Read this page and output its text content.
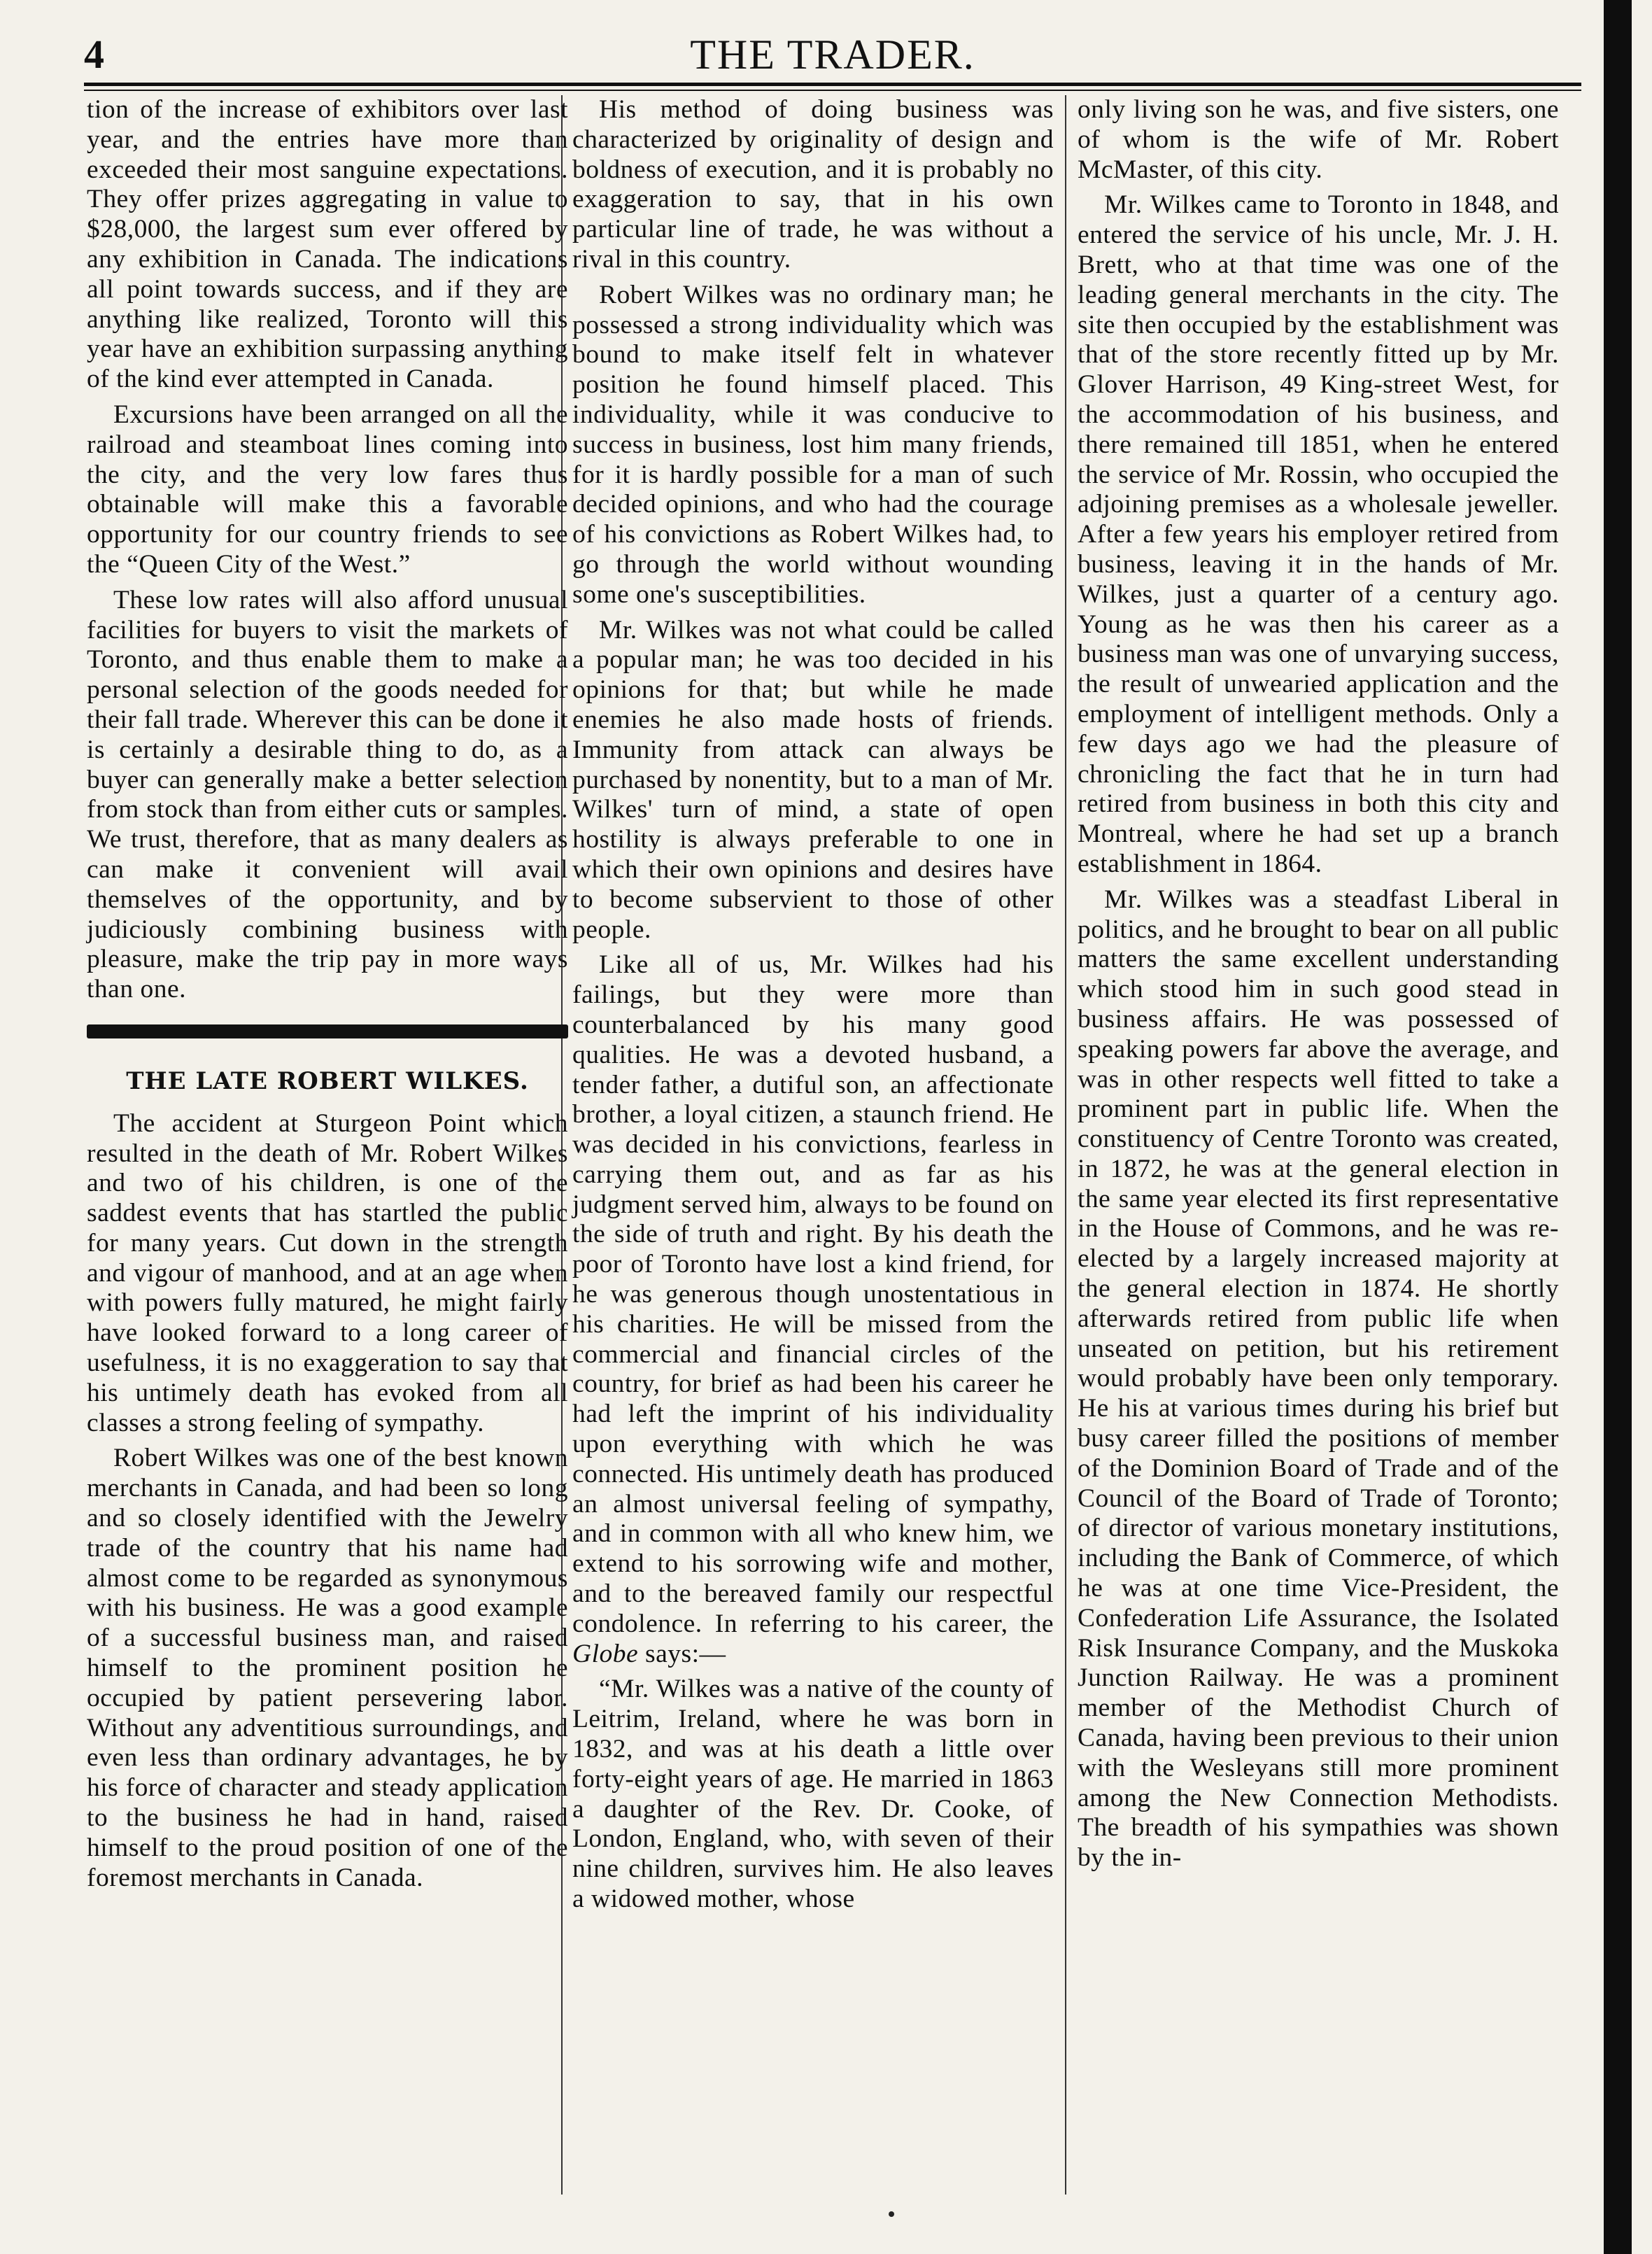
4	THE TRADER.

tion of the increase of exhibitors over last year, and the entries have more than exceeded their most sanguine expectations. They offer prizes aggregating in value to $28,000, the largest sum ever offered by any exhibition in Canada. The indications all point towards success, and if they are anything like realized, Toronto will this year have an exhibition surpassing anything of the kind ever attempted in Canada.

Excursions have been arranged on all the railroad and steamboat lines coming into the city, and the very low fares thus obtainable will make this a favorable opportunity for our country friends to see the “Queen City of the West.”

These low rates will also afford unusual facilities for buyers to visit the markets of Toronto, and thus enable them to make a personal selection of the goods needed for their fall trade. Wherever this can be done it is certainly a desirable thing to do, as a buyer can generally make a better selection from stock than from either cuts or samples. We trust, therefore, that as many dealers as can make it convenient will avail themselves of the opportunity, and by judiciously combining business with pleasure, make the trip pay in more ways than one.

THE LATE ROBERT WILKES.

The accident at Sturgeon Point which resulted in the death of Mr. Robert Wilkes and two of his children, is one of the saddest events that has startled the public for many years. Cut down in the strength and vigour of manhood, and at an age when with powers fully matured, he might fairly have looked forward to a long career of usefulness, it is no exaggeration to say that his untimely death has evoked from all classes a strong feeling of sympathy.

Robert Wilkes was one of the best known merchants in Canada, and had been so long and so closely identified with the Jewelry trade of the country that his name had almost come to be regarded as synonymous with his business. He was a good example of a successful business man, and raised himself to the prominent position he occupied by patient persevering labor. Without any adventitious surroundings, and even less than ordinary advantages, he by his force of character and steady application to the business he had in hand, raised himself to the proud position of one of the foremost merchants in Canada.

His method of doing business was characterized by originality of design and boldness of execution, and it is probably no exaggeration to say, that in his own particular line of trade, he was without a rival in this country.

Robert Wilkes was no ordinary man; he possessed a strong individuality which was bound to make itself felt in whatever position he found himself placed. This individuality, while it was conducive to success in business, lost him many friends, for it is hardly possible for a man of such decided opinions, and who had the courage of his convictions as Robert Wilkes had, to go through the world without wounding some one's susceptibilities.

Mr. Wilkes was not what could be called a popular man; he was too decided in his opinions for that; but while he made enemies he also made hosts of friends. Immunity from attack can always be purchased by nonentity, but to a man of Mr. Wilkes' turn of mind, a state of open hostility is always preferable to one in which their own opinions and desires have to become subservient to those of other people.

Like all of us, Mr. Wilkes had his failings, but they were more than counterbalanced by his many good qualities. He was a devoted husband, a tender father, a dutiful son, an affectionate brother, a loyal citizen, a staunch friend. He was decided in his convictions, fearless in carrying them out, and as far as his judgment served him, always to be found on the side of truth and right. By his death the poor of Toronto have lost a kind friend, for he was generous though unostentatious in his charities. He will be missed from the commercial and financial circles of the country, for brief as had been his career he had left the imprint of his individuality upon everything with which he was connected. His untimely death has produced an almost universal feeling of sympathy, and in common with all who knew him, we extend to his sorrowing wife and mother, and to the bereaved family our respectful condolence. In referring to his career, the Globe says:—

“Mr. Wilkes was a native of the county of Leitrim, Ireland, where he was born in 1832, and was at his death a little over forty-eight years of age. He married in 1863 a daughter of the Rev. Dr. Cooke, of London, England, who, with seven of their nine children, survives him. He also leaves a widowed mother, whose

only living son he was, and five sisters, one of whom is the wife of Mr. Robert McMaster, of this city.

Mr. Wilkes came to Toronto in 1848, and entered the service of his uncle, Mr. J. H. Brett, who at that time was one of the leading general merchants in the city. The site then occupied by the establishment was that of the store recently fitted up by Mr. Glover Harrison, 49 King-street West, for the accommodation of his business, and there remained till 1851, when he entered the service of Mr. Rossin, who occupied the adjoining premises as a wholesale jeweller. After a few years his employer retired from business, leaving it in the hands of Mr. Wilkes, just a quarter of a century ago. Young as he was then his career as a business man was one of unvarying success, the result of unwearied application and the employment of intelligent methods. Only a few days ago we had the pleasure of chronicling the fact that he in turn had retired from business in both this city and Montreal, where he had set up a branch establishment in 1864.

Mr. Wilkes was a steadfast Liberal in politics, and he brought to bear on all public matters the same excellent understanding which stood him in such good stead in business affairs. He was possessed of speaking powers far above the average, and was in other respects well fitted to take a prominent part in public life. When the constituency of Centre Toronto was created, in 1872, he was at the general election in the same year elected its first representative in the House of Commons, and he was re-elected by a largely increased majority at the general election in 1874. He shortly afterwards retired from public life when unseated on petition, but his retirement would probably have been only temporary. He his at various times during his brief but busy career filled the positions of member of the Dominion Board of Trade and of the Council of the Board of Trade of Toronto; of director of various monetary institutions, including the Bank of Commerce, of which he was at one time Vice-President, the Confederation Life Assurance, the Isolated Risk Insurance Company, and the Muskoka Junction Railway. He was a prominent member of the Methodist Church of Canada, having been previous to their union with the Wesleyans still more prominent among the New Connection Methodists. The breadth of his sympathies was shown by the in-
